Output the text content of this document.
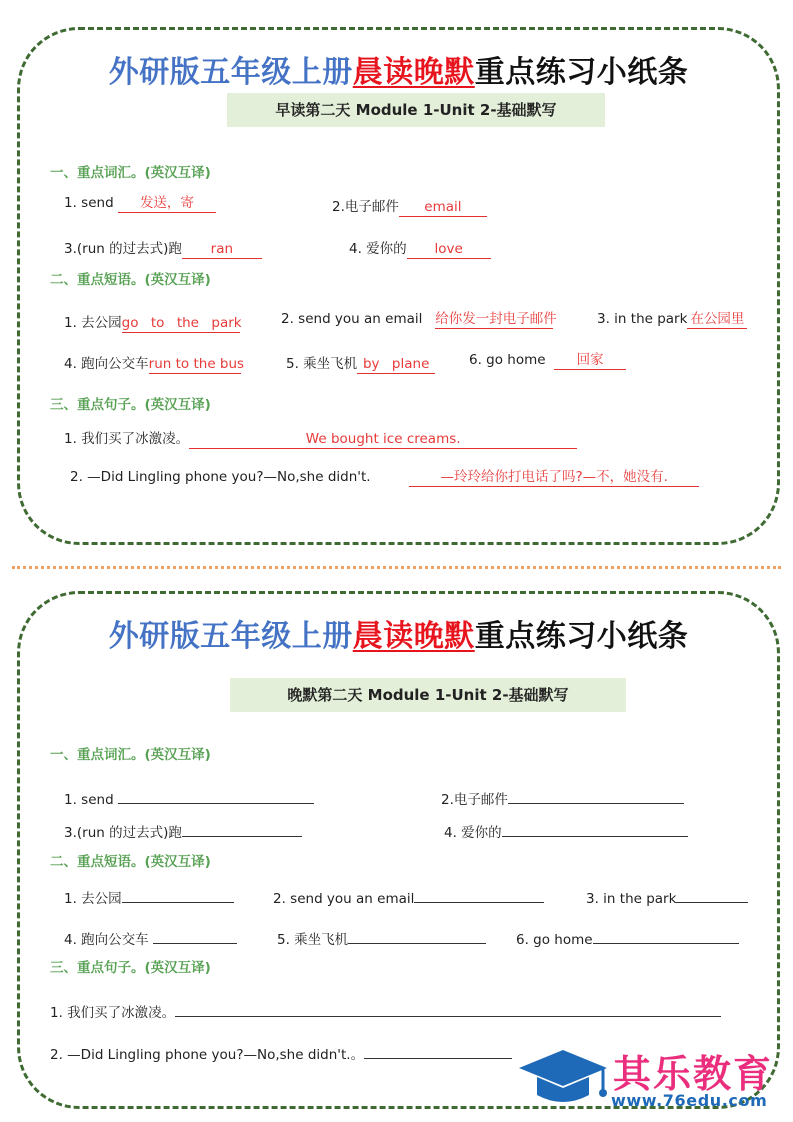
外研版五年级上册晨读晚默重点练习小纸条
早读第二天 Module 1-Unit 2-基础默写
一、重点词汇。(英汉互译)
1. send 发送，寄	2.电子邮件 email
3.(run 的过去式)跑 ran	4. 爱你的 love
二、重点短语。(英汉互译)
1. 去公园go to the park	2. send you an email 给你发一封电子邮件	3. in the park 在公园里
4. 跑向公交车run to the bus	5. 乘坐飞机 by plane	6. go home 回家
三、重点句子。(英汉互译)
1. 我们买了冰激凌。	We bought ice creams.
2. —Did Lingling phone you?—No,she didn't.	—玲玲给你打电话了吗?—不，她没有.
外研版五年级上册晨读晚默重点练习小纸条
晚默第二天 Module 1-Unit 2-基础默写
一、重点词汇。(英汉互译)
1. send	2.电子邮件
3.(run 的过去式)跑	4. 爱你的
二、重点短语。(英汉互译)
1. 去公园	2. send you an email	3. in the park
4. 跑向公交车	5. 乘坐飞机	6. go home
三、重点句子。(英汉互译)
1. 我们买了冰激凌。
2. —Did Lingling phone you?—No,she didn't.。	其乐教育
www.76edu.com
